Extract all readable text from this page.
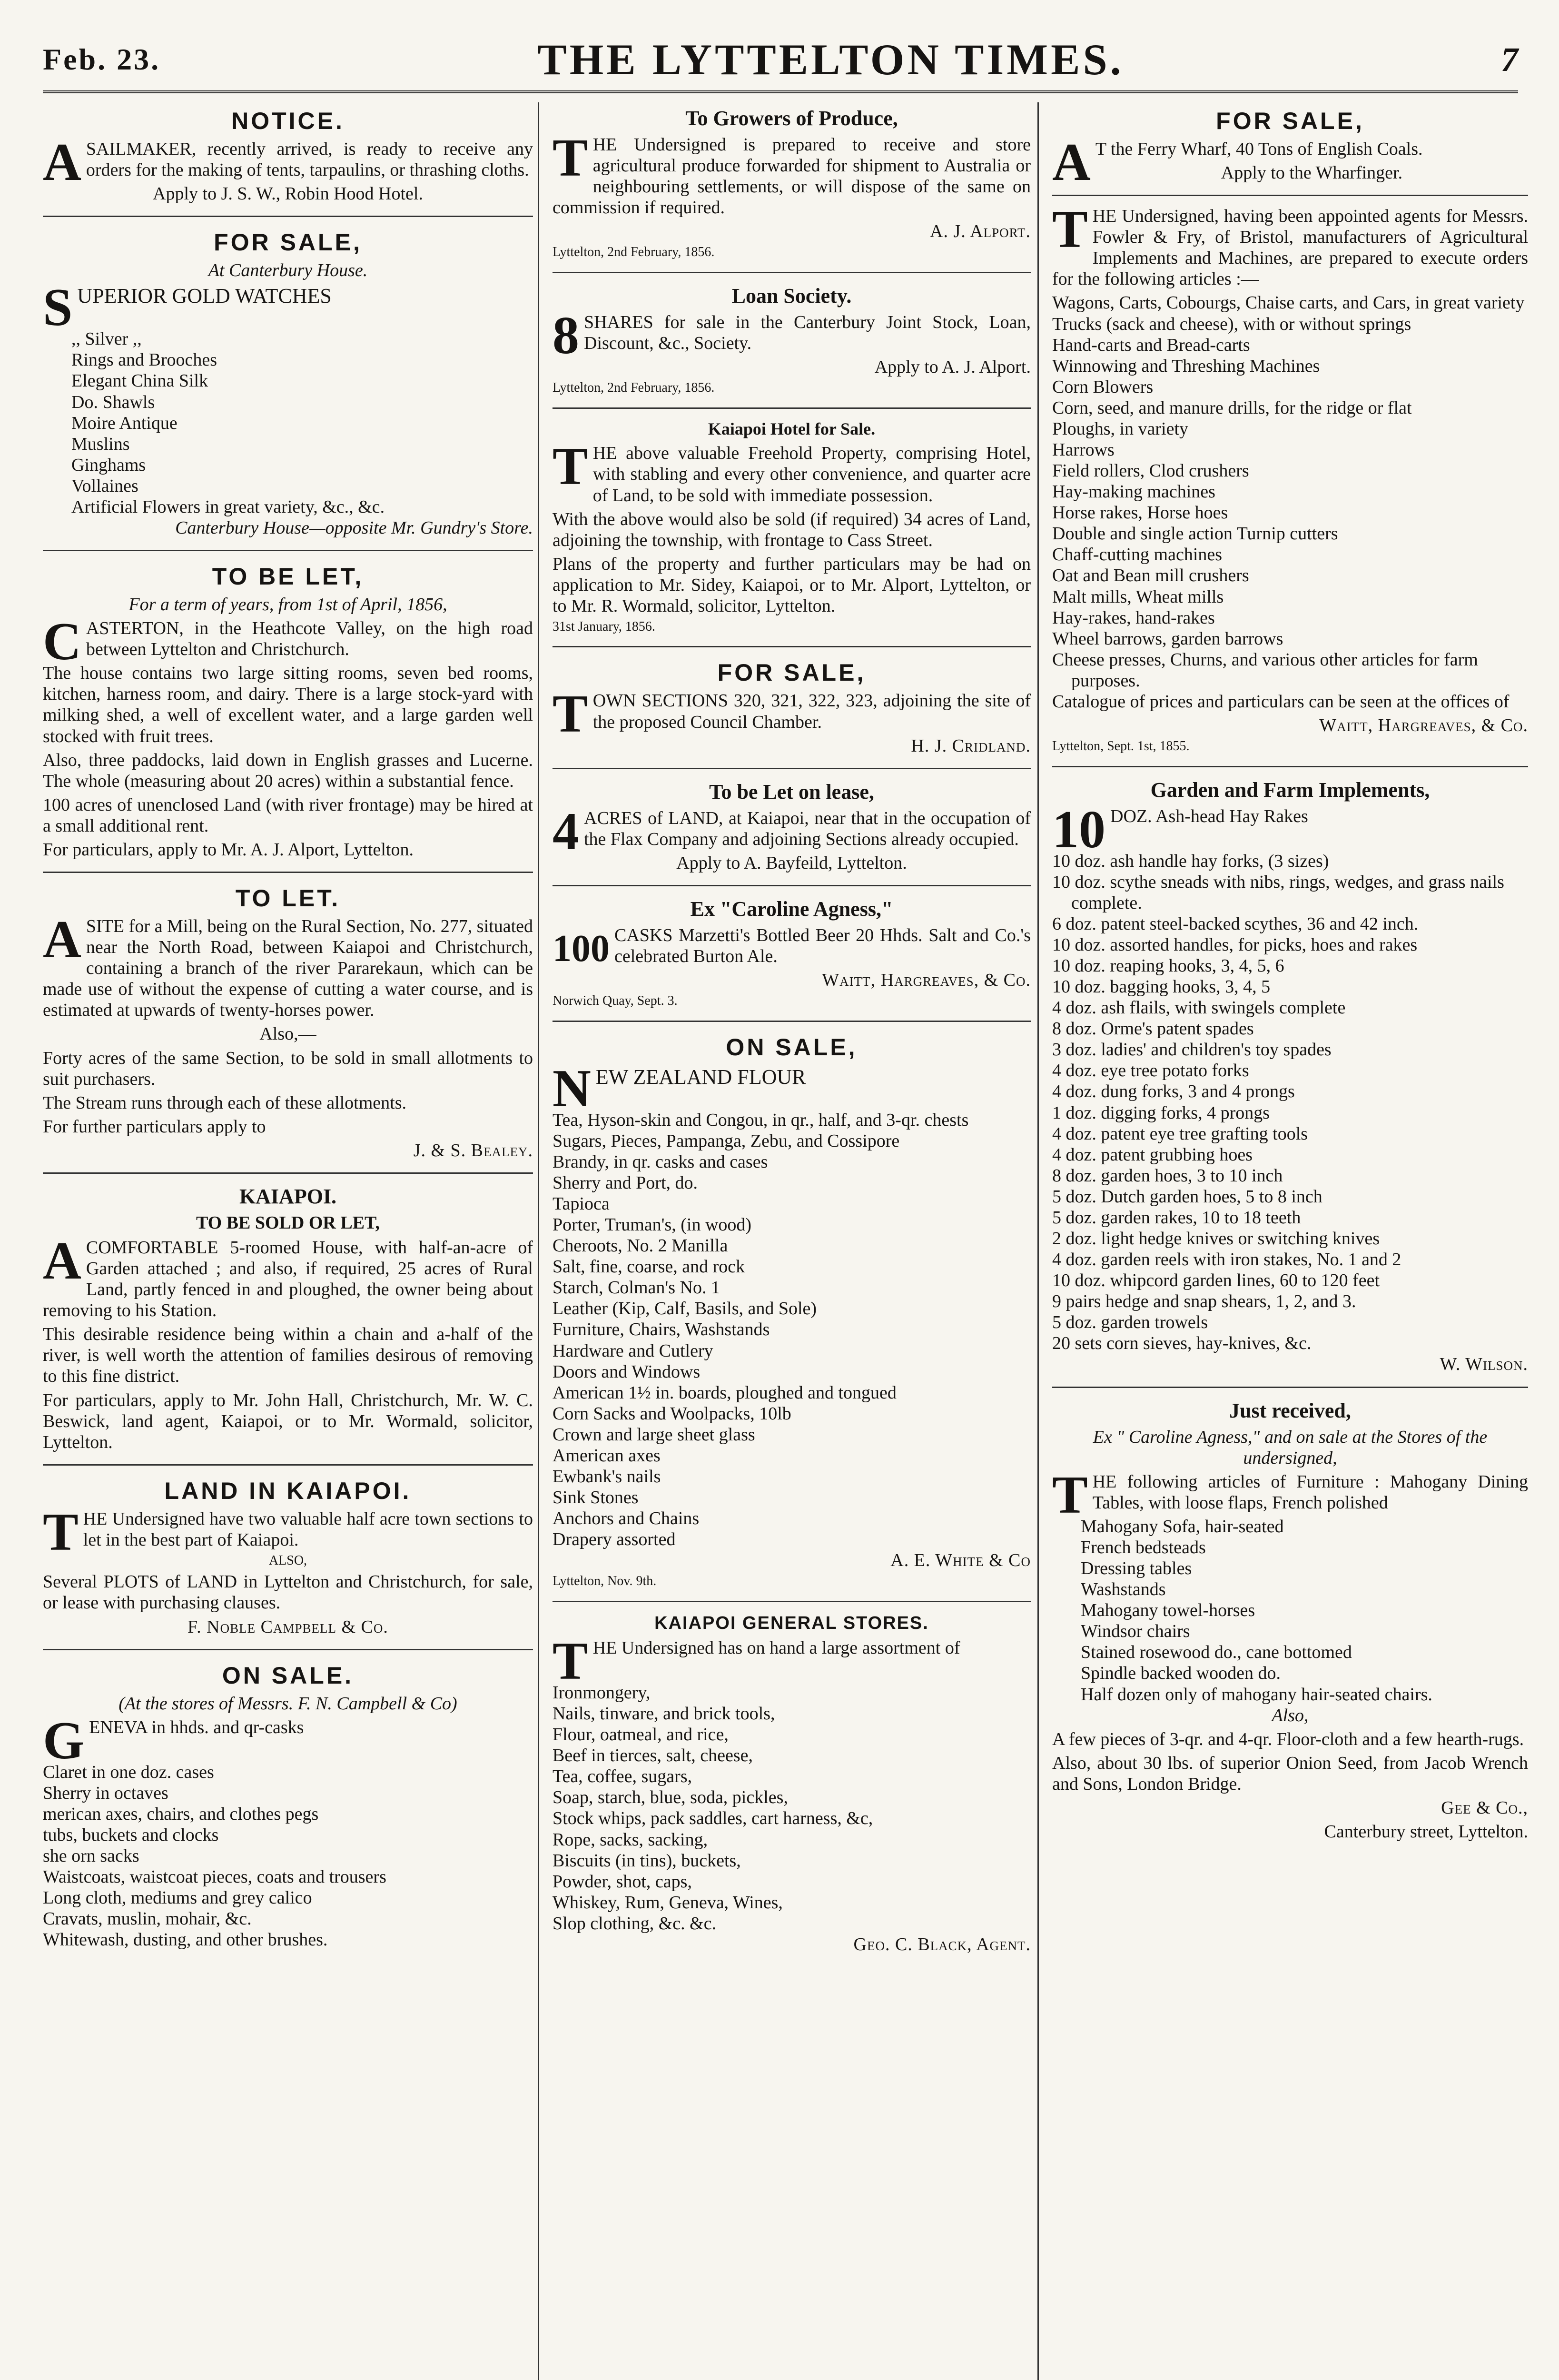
Feb. 23.	THE LYTTELTON TIMES.	7
NOTICE.

ASAILMAKER, recently arrived, is ready to receive any orders for the making of tents, tarpaulins, or thrashing cloths.

Apply to J. S. W., Robin Hood Hotel.

FOR SALE,
At Canterbury House.

SUPERIOR GOLD WATCHES

,, Silver ,,

Rings and Brooches

Elegant China Silk

Do. Shawls

Moire Antique

Muslins

Ginghams

Vollaines

Artificial Flowers in great variety, &c., &c.

Canterbury House—opposite Mr. Gundry's Store.

TO BE LET,
For a term of years, from 1st of April, 1856,

CASTERTON, in the Heathcote Valley, on the high road between Lyttelton and Christchurch.

The house contains two large sitting rooms, seven bed rooms, kitchen, harness room, and dairy. There is a large stock-yard with milking shed, a well of excellent water, and a large garden well stocked with fruit trees.

Also, three paddocks, laid down in English grasses and Lucerne. The whole (measuring about 20 acres) within a substantial fence.

100 acres of unenclosed Land (with river frontage) may be hired at a small additional rent.

For particulars, apply to Mr. A. J. Alport, Lyttelton.

TO LET.

ASITE for a Mill, being on the Rural Section, No. 277, situated near the North Road, between Kaiapoi and Christchurch, containing a branch of the river Pararekaun, which can be made use of without the expense of cutting a water course, and is estimated at upwards of twenty-horses power.

Also,—

Forty acres of the same Section, to be sold in small allotments to suit purchasers.

The Stream runs through each of these allotments.

For further particulars apply to

J. & S. Bealey.

KAIAPOI.
TO BE SOLD OR LET,

ACOMFORTABLE 5-roomed House, with half-an-acre of Garden attached ; and also, if required, 25 acres of Rural Land, partly fenced in and ploughed, the owner being about removing to his Station.

This desirable residence being within a chain and a-half of the river, is well worth the attention of families desirous of removing to this fine district.

For particulars, apply to Mr. John Hall, Christchurch, Mr. W. C. Beswick, land agent, Kaiapoi, or to Mr. Wormald, solicitor, Lyttelton.

LAND IN KAIAPOI.

THE Undersigned have two valuable half acre town sections to let in the best part of Kaiapoi.

ALSO,

Several PLOTS of LAND in Lyttelton and Christchurch, for sale, or lease with purchasing clauses.

F. Noble Campbell & Co.

ON SALE.
(At the stores of Messrs. F. N. Campbell & Co)

GENEVA in hhds. and qr-casks

Claret in one doz. cases

Sherry in octaves

merican axes, chairs, and clothes pegs

tubs, buckets and clocks

she orn sacks

Waistcoats, waistcoat pieces, coats and trousers

Long cloth, mediums and grey calico

Cravats, muslin, mohair, &c.

Whitewash, dusting, and other brushes.

To Growers of Produce,

THE Undersigned is prepared to receive and store agricultural produce forwarded for shipment to Australia or neighbouring settlements, or will dispose of the same on commission if required.

A. J. Alport.

Lyttelton, 2nd February, 1856.

Loan Society.

8 SHARES for sale in the Canterbury Joint Stock, Loan, Discount, &c., Society.

Apply to A. J. Alport.

Lyttelton, 2nd February, 1856.

Kaiapoi Hotel for Sale.

THE above valuable Freehold Property, comprising Hotel, with stabling and every other convenience, and quarter acre of Land, to be sold with immediate possession.

With the above would also be sold (if required) 34 acres of Land, adjoining the township, with frontage to Cass Street.

Plans of the property and further particulars may be had on application to Mr. Sidey, Kaiapoi, or to Mr. Alport, Lyttelton, or to Mr. R. Wormald, solicitor, Lyttelton.

31st January, 1856.

FOR SALE,

TOWN SECTIONS 320, 321, 322, 323, adjoining the site of the proposed Council Chamber.

H. J. Cridland.

To be Let on lease,

4 ACRES of LAND, at Kaiapoi, near that in the occupation of the Flax Company and adjoining Sections already occupied.

Apply to A. Bayfeild, Lyttelton.

Ex "Caroline Agness,"

100 CASKS Marzetti's Bottled Beer 20 Hhds. Salt and Co.'s celebrated Burton Ale.

Waitt, Hargreaves, & Co.

Norwich Quay, Sept. 3.

ON SALE,

NEW ZEALAND FLOUR

Tea, Hyson-skin and Congou, in qr., half, and 3-qr. chests

Sugars, Pieces, Pampanga, Zebu, and Cossipore

Brandy, in qr. casks and cases

Sherry and Port, do.

Tapioca

Porter, Truman's, (in wood)

Cheroots, No. 2 Manilla

Salt, fine, coarse, and rock

Starch, Colman's No. 1

Leather (Kip, Calf, Basils, and Sole)

Furniture, Chairs, Washstands

Hardware and Cutlery

Doors and Windows

American 1½ in. boards, ploughed and tongued

Corn Sacks and Woolpacks, 10lb

Crown and large sheet glass

American axes

Ewbank's nails

Sink Stones

Anchors and Chains

Drapery assorted

A. E. White & Co

Lyttelton, Nov. 9th.

KAIAPOI GENERAL STORES.

THE Undersigned has on hand a large assortment of

Ironmongery,

Nails, tinware, and brick tools,

Flour, oatmeal, and rice,

Beef in tierces, salt, cheese,

Tea, coffee, sugars,

Soap, starch, blue, soda, pickles,

Stock whips, pack saddles, cart harness, &c,

Rope, sacks, sacking,

Biscuits (in tins), buckets,

Powder, shot, caps,

Whiskey, Rum, Geneva, Wines,

Slop clothing, &c. &c.

Geo. C. Black, Agent.

FOR SALE,

A T the Ferry Wharf, 40 Tons of English Coals.

Apply to the Wharfinger.

THE Undersigned, having been appointed agents for Messrs. Fowler & Fry, of Bristol, manufacturers of Agricultural Implements and Machines, are prepared to execute orders for the following articles :—

Wagons, Carts, Cobourgs, Chaise carts, and Cars, in great variety

Trucks (sack and cheese), with or without springs

Hand-carts and Bread-carts

Winnowing and Threshing Machines

Corn Blowers

Corn, seed, and manure drills, for the ridge or flat

Ploughs, in variety

Harrows

Field rollers, Clod crushers

Hay-making machines

Horse rakes, Horse hoes

Double and single action Turnip cutters

Chaff-cutting machines

Oat and Bean mill crushers

Malt mills, Wheat mills

Hay-rakes, hand-rakes

Wheel barrows, garden barrows

Cheese presses, Churns, and various other articles for farm purposes.

Catalogue of prices and particulars can be seen at the offices of

Waitt, Hargreaves, & Co.

Lyttelton, Sept. 1st, 1855.

Garden and Farm Implements,

10 DOZ. Ash-head Hay Rakes

10 doz. ash handle hay forks, (3 sizes)

10 doz. scythe sneads with nibs, rings, wedges, and grass nails complete.

6 doz. patent steel-backed scythes, 36 and 42 inch.

10 doz. assorted handles, for picks, hoes and rakes

10 doz. reaping hooks, 3, 4, 5, 6

10 doz. bagging hooks, 3, 4, 5

4 doz. ash flails, with swingels complete

8 doz. Orme's patent spades

3 doz. ladies' and children's toy spades

4 doz. eye tree potato forks

4 doz. dung forks, 3 and 4 prongs

1 doz. digging forks, 4 prongs

4 doz. patent eye tree grafting tools

4 doz. patent grubbing hoes

8 doz. garden hoes, 3 to 10 inch

5 doz. Dutch garden hoes, 5 to 8 inch

5 doz. garden rakes, 10 to 18 teeth

2 doz. light hedge knives or switching knives

4 doz. garden reels with iron stakes, No. 1 and 2

10 doz. whipcord garden lines, 60 to 120 feet

9 pairs hedge and snap shears, 1, 2, and 3.

5 doz. garden trowels

20 sets corn sieves, hay-knives, &c.

W. Wilson.

Just received,
Ex " Caroline Agness," and on sale at the Stores of the undersigned,

THE following articles of Furniture : Mahogany Dining Tables, with loose flaps, French polished

Mahogany Sofa, hair-seated

French bedsteads

Dressing tables

Washstands

Mahogany towel-horses

Windsor chairs

Stained rosewood do., cane bottomed

Spindle backed wooden do.

Half dozen only of mahogany hair-seated chairs.

Also,

A few pieces of 3-qr. and 4-qr. Floor-cloth and a few hearth-rugs.

Also, about 30 lbs. of superior Onion Seed, from Jacob Wrench and Sons, London Bridge.

Gee & Co.,

Canterbury street, Lyttelton.
